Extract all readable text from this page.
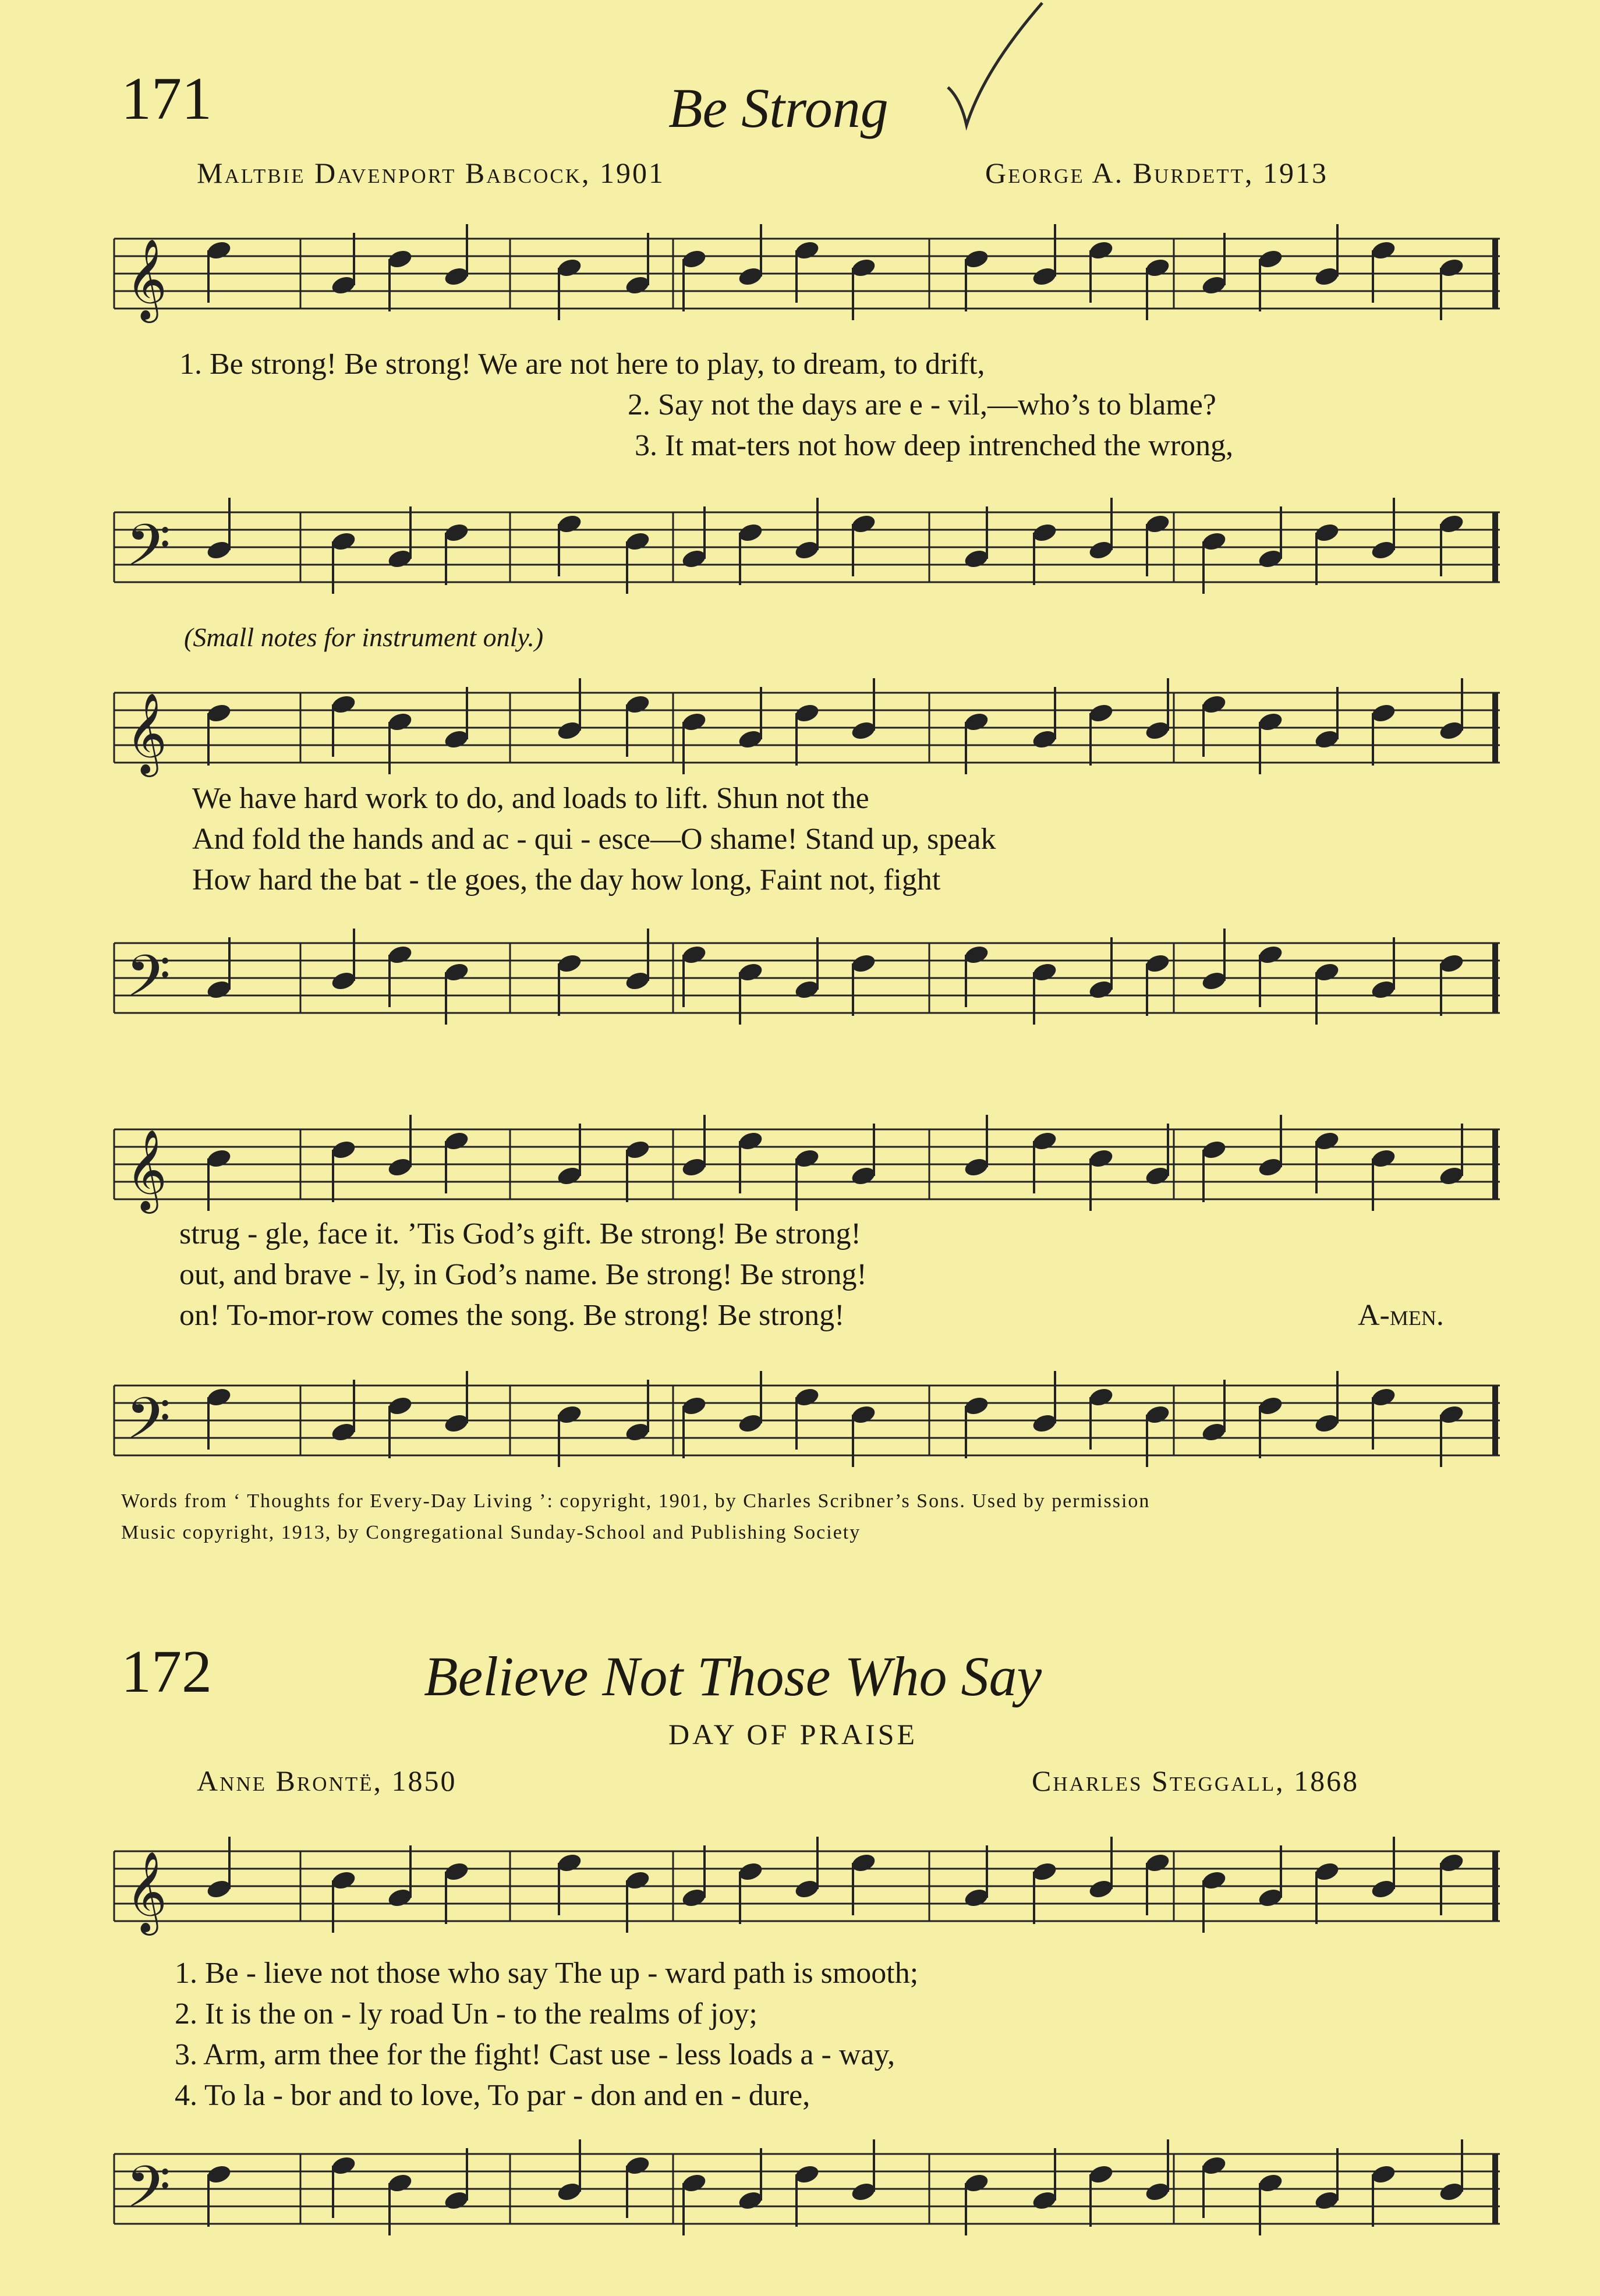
171	Be Strong
Maltbie Davenport Babcock, 1901	George A. Burdett, 1913
𝄞
1. Be strong! Be strong! We are not here to play, to dream, to drift,
2. Say not the days are e - vil,—who’s to blame?
3. It mat-ters not how deep intrenched the wrong,
𝄢
(Small notes for instrument only.)
𝄞
We have hard work to do, and loads to lift. Shun not the
And fold the hands and ac - qui - esce—O shame! Stand up, speak
How hard the bat - tle goes, the day how long, Faint not, fight
𝄢
𝄞
strug - gle, face it. ’Tis God’s gift. Be strong! Be strong!
out, and brave - ly, in God’s name. Be strong! Be strong!
on! To-mor-row comes the song. Be strong! Be strong!	A-men.
𝄢
Words from ‘ Thoughts for Every-Day Living ’: copyright, 1901, by Charles Scribner’s Sons. Used by permission
Music copyright, 1913, by Congregational Sunday-School and Publishing Society
172	Believe Not Those Who Say
DAY OF PRAISE
Anne Brontë, 1850	Charles Steggall, 1868
𝄞
1. Be - lieve not those who say The up - ward path is smooth;
2. It is the on - ly road Un - to the realms of joy;
3. Arm, arm thee for the fight! Cast use - less loads a - way,
4. To la - bor and to love, To par - don and en - dure,
𝄢
